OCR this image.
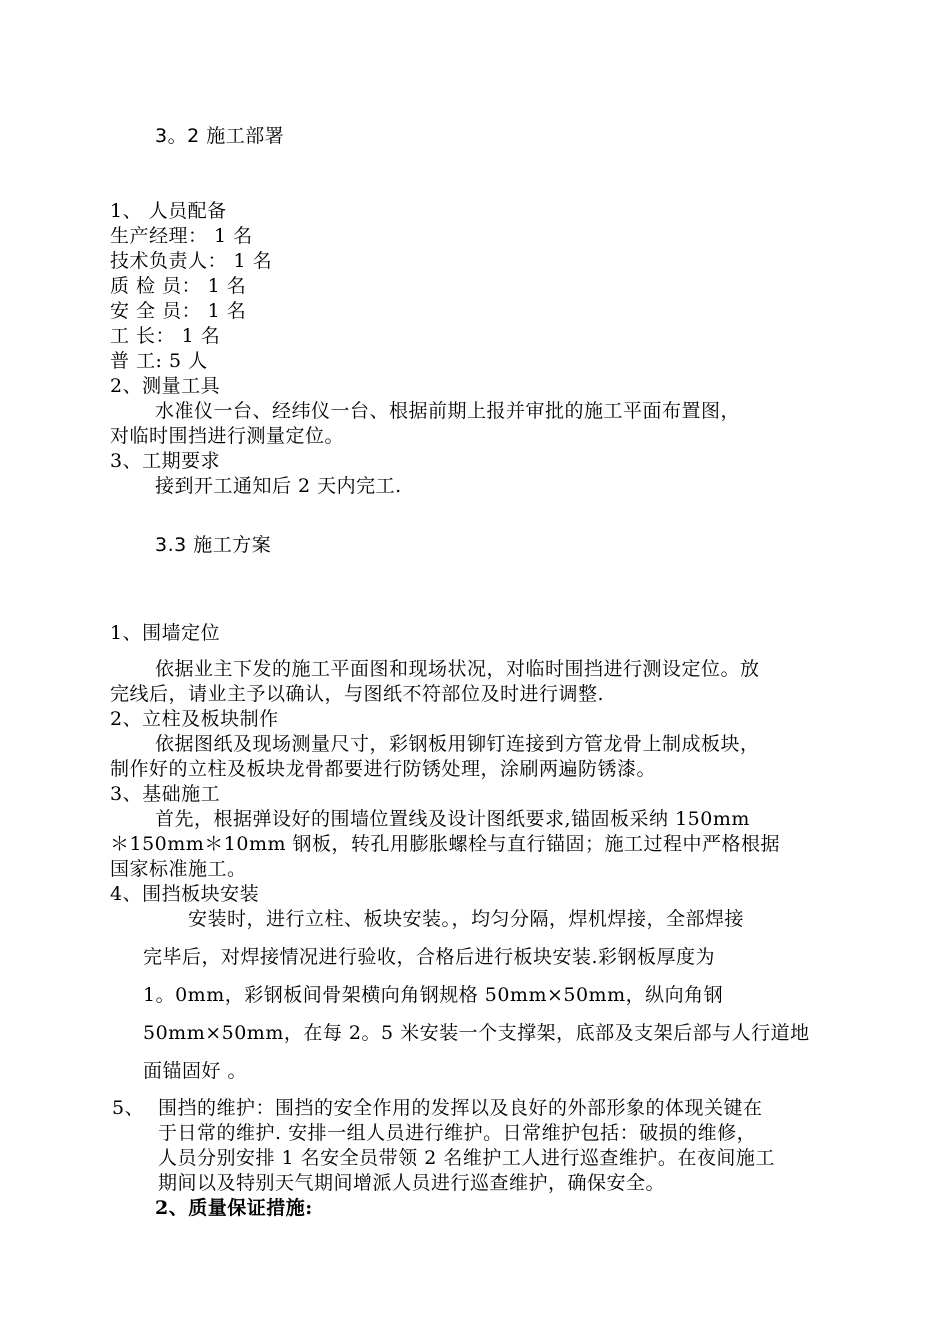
3。2 施工部署
1、 人员配备
生产经理： 1 名
技术负责人： 1 名
质 检 员： 1 名
安 全 员： 1 名
工 长： 1 名
普 工: 5 人
2、测量工具
水准仪一台、经纬仪一台、根据前期上报并审批的施工平面布置图，
对临时围挡进行测量定位。
3、工期要求
接到开工通知后 2 天内完工.
3.3 施工方案
1、围墙定位
依据业主下发的施工平面图和现场状况，对临时围挡进行测设定位。放
完线后，请业主予以确认，与图纸不符部位及时进行调整.
2、立柱及板块制作
依据图纸及现场测量尺寸，彩钢板用铆钉连接到方管龙骨上制成板块，
制作好的立柱及板块龙骨都要进行防锈处理，涂刷两遍防锈漆。
3、基础施工
首先，根据弹设好的围墙位置线及设计图纸要求,锚固板采纳 150mm
＊150mm＊10mm 钢板，转孔用膨胀螺栓与直行锚固；施工过程中严格根据
国家标准施工。
4、围挡板块安装
安装时，进行立柱、板块安装。，均匀分隔，焊机焊接，全部焊接
完毕后，对焊接情况进行验收，合格后进行板块安装.彩钢板厚度为
1。0mm，彩钢板间骨架横向角钢规格 50mm×50mm，纵向角钢
50mm×50mm，在每 2。5 米安装一个支撑架，底部及支架后部与人行道地
面锚固好 。
5、 围挡的维护：围挡的安全作用的发挥以及良好的外部形象的体现关键在
于日常的维护. 安排一组人员进行维护。日常维护包括：破损的维修，
人员分别安排 1 名安全员带领 2 名维护工人进行巡查维护。在夜间施工
期间以及特别天气期间增派人员进行巡查维护，确保安全。
2、质量保证措施:
